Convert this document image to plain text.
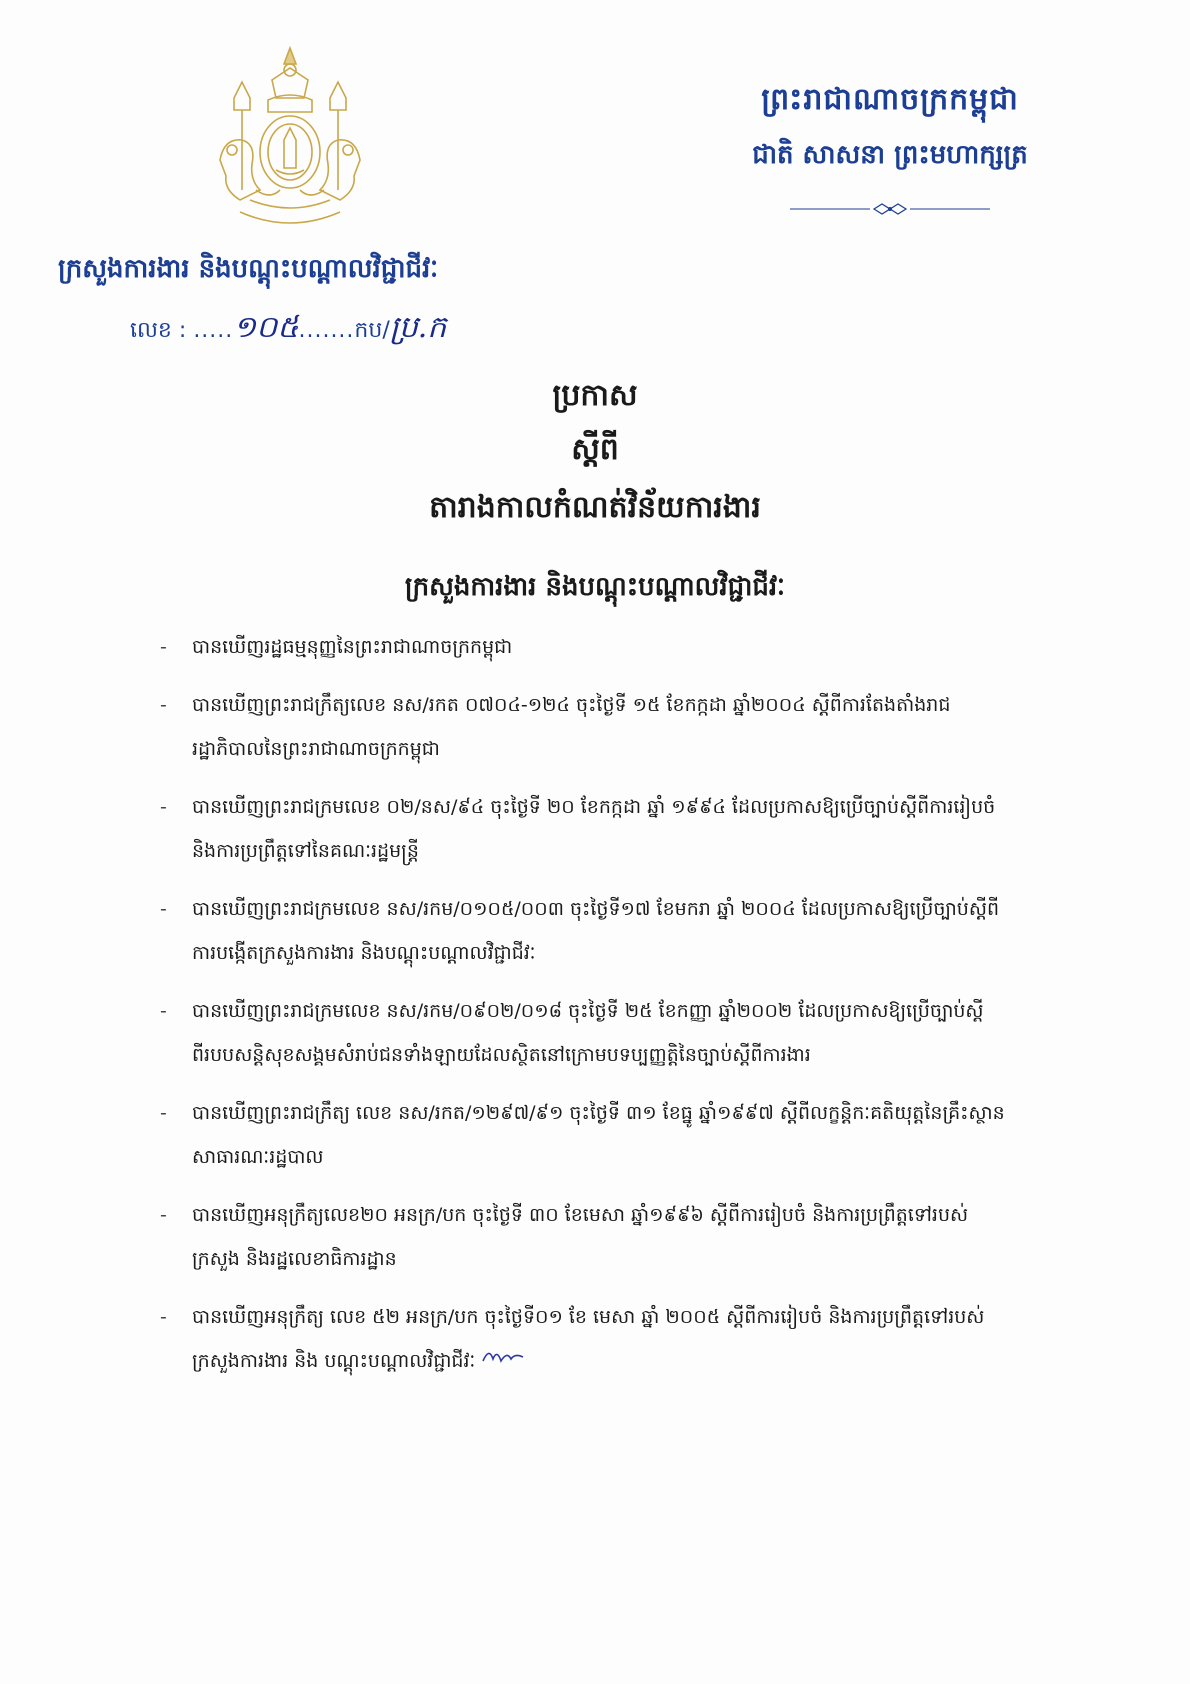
ព្រះរាជាណាចក្រកម្ពុជា
ជាតិ សាសនា ព្រះមហាក្សត្រ
ក្រសួងការងារ និងបណ្តុះបណ្តាលវិជ្ជាជីវៈ
លេខ : .....១០៥.......កប/ប្រ.ក
ប្រកាស
ស្តីពី
តារាងកាលកំណត់វិន័យការងារ
ក្រសួងការងារ និងបណ្តុះបណ្តាលវិជ្ជាជីវៈ
-	បានឃើញរដ្ឋធម្មនុញ្ញនៃព្រះរាជាណាចក្រកម្ពុជា
-	បានឃើញព្រះរាជក្រឹត្យលេខ នស/រកត ០៧០៤-១២៤ ចុះថ្ងៃទី ១៥ ខែកក្កដា ឆ្នាំ២០០៤ ស្តីពីការតែងតាំងរាជរដ្ឋាភិបាលនៃព្រះរាជាណាចក្រកម្ពុជា
-	បានឃើញព្រះរាជក្រមលេខ ០២/នស/៩៤ ចុះថ្ងៃទី ២០ ខែកក្កដា ឆ្នាំ ១៩៩៤ ដែលប្រកាសឱ្យប្រើច្បាប់ស្តីពីការរៀបចំ និងការប្រព្រឹត្តទៅនៃគណៈរដ្ឋមន្ត្រី
-	បានឃើញព្រះរាជក្រមលេខ នស/រកម/០១០៥/០០៣ ចុះថ្ងៃទី១៧ ខែមករា ឆ្នាំ ២០០៤ ដែលប្រកាសឱ្យប្រើច្បាប់ស្តីពីការបង្កើតក្រសួងការងារ និងបណ្តុះបណ្តាលវិជ្ជាជីវៈ
-	បានឃើញព្រះរាជក្រមលេខ នស/រកម/០៩០២/០១៨ ចុះថ្ងៃទី ២៥ ខែកញ្ញា ឆ្នាំ២០០២ ដែលប្រកាសឱ្យប្រើច្បាប់ស្តីពីរបបសន្តិសុខសង្គមសំរាប់ជនទាំងឡាយដែលស្ថិតនៅក្រោមបទប្បញ្ញត្តិនៃច្បាប់ស្តីពីការងារ
-	បានឃើញព្រះរាជក្រឹត្យ លេខ នស/រកត/១២៩៧/៩១ ចុះថ្ងៃទី ៣១ ខែធ្នូ ឆ្នាំ១៩៩៧ ស្តីពីលក្ខន្តិកៈគតិយុត្តនៃគ្រឹះស្ថានសាធារណៈរដ្ឋបាល
-	បានឃើញអនុក្រឹត្យលេខ២០ អនក្រ/បក ចុះថ្ងៃទី ៣០ ខែមេសា ឆ្នាំ១៩៩៦ ស្តីពីការរៀបចំ និងការប្រព្រឹត្តទៅរបស់ក្រសួង និងរដ្ឋលេខាធិការដ្ឋាន
-	បានឃើញអនុក្រឹត្យ លេខ ៥២ អនក្រ/បក ចុះថ្ងៃទី០១ ខែ មេសា ឆ្នាំ ២០០៥ ស្តីពីការរៀបចំ និងការប្រព្រឹត្តទៅរបស់ក្រសួងការងារ និង បណ្តុះបណ្តាលវិជ្ជាជីវៈ
